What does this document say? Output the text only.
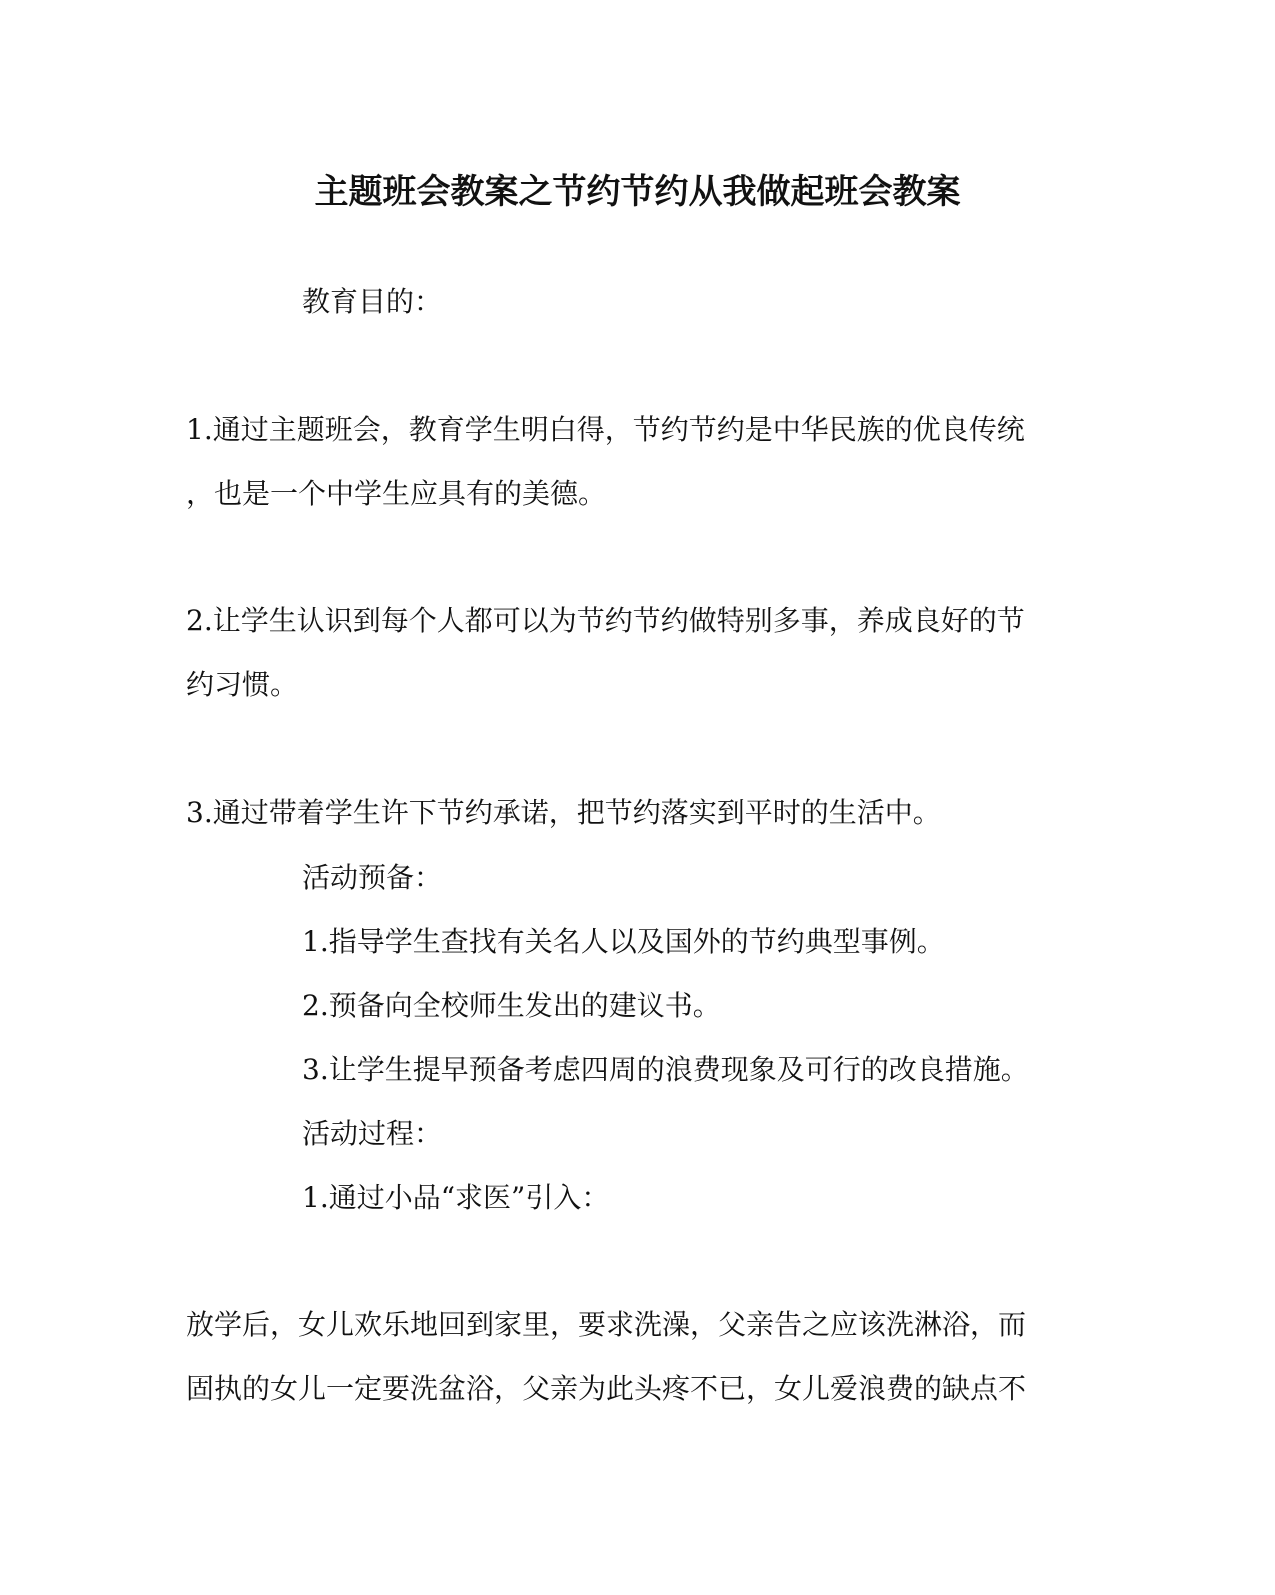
主题班会教案之节约节约从我做起班会教案

教育目的：

1.通过主题班会，教育学生明白得，节约节约是中华民族的优良传统

，也是一个中学生应具有的美德。

2.让学生认识到每个人都可以为节约节约做特别多事，养成良好的节

约习惯。

3.通过带着学生许下节约承诺，把节约落实到平时的生活中。

活动预备：

1.指导学生查找有关名人以及国外的节约典型事例。

2.预备向全校师生发出的建议书。

3.让学生提早预备考虑四周的浪费现象及可行的改良措施。

活动过程：

1.通过小品“求医”引入：

放学后，女儿欢乐地回到家里，要求洗澡，父亲告之应该洗淋浴，而

固执的女儿一定要洗盆浴，父亲为此头疼不已，女儿爱浪费的缺点不
